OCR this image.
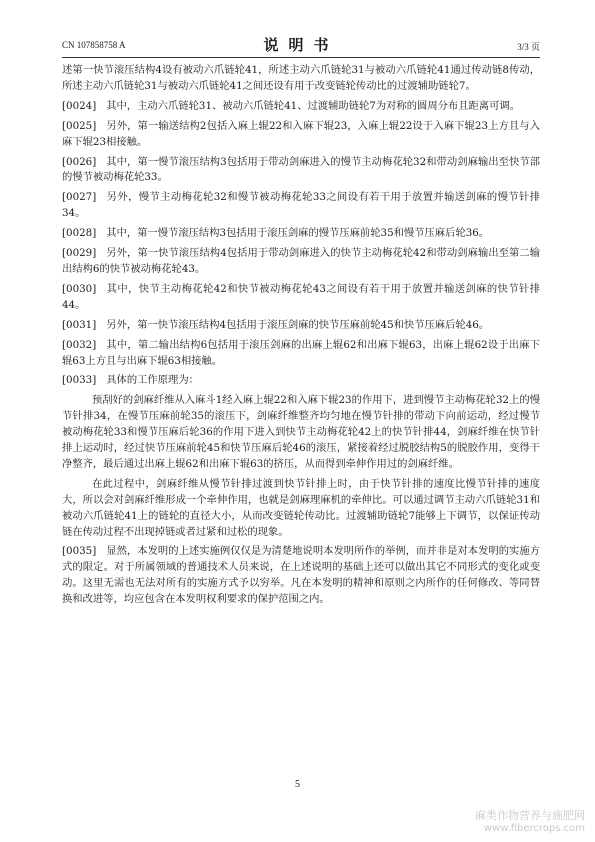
CN 107858758 A	说明书	3/3 页

述第一快节滚压结构4设有被动六爪链轮41，所述主动六爪链轮31与被动六爪链轮41通过传动链8传动，所述主动六爪链轮31与被动六爪链轮41之间还设有用于改变链轮传动比的过渡辅助链轮7。

[0024] 其中，主动六爪链轮31、被动六爪链轮41、过渡辅助链轮7为对称的圆周分布且距离可调。

[0025] 另外，第一输送结构2包括入麻上辊22和入麻下辊23，入麻上辊22设于入麻下辊23上方且与入麻下辊23相接触。

[0026] 其中，第一慢节滚压结构3包括用于带动剑麻进入的慢节主动梅花轮32和带动剑麻输出至快节部的慢节被动梅花轮33。

[0027] 另外，慢节主动梅花轮32和慢节被动梅花轮33之间设有若干用于放置并输送剑麻的慢节针排34。

[0028] 其中，第一慢节滚压结构3包括用于滚压剑麻的慢节压麻前轮35和慢节压麻后轮36。

[0029] 另外，第一快节滚压结构4包括用于带动剑麻进入的快节主动梅花轮42和带动剑麻输出至第二输出结构6的快节被动梅花轮43。

[0030] 其中，快节主动梅花轮42和快节被动梅花轮43之间设有若干用于放置并输送剑麻的快节针排44。

[0031] 另外，第一快节滚压结构4包括用于滚压剑麻的快节压麻前轮45和快节压麻后轮46。

[0032] 其中，第二输出结构6包括用于滚压剑麻的出麻上辊62和出麻下辊63，出麻上辊62设于出麻下辊63上方且与出麻下辊63相接触。

[0033] 具体的工作原理为：

预刮好的剑麻纤维从入麻斗1经入麻上辊22和入麻下辊23的作用下，进到慢节主动梅花轮32上的慢节针排34，在慢节压麻前轮35的滚压下，剑麻纤维整齐均匀地在慢节针排的带动下向前运动，经过慢节被动梅花轮33和慢节压麻后轮36的作用下进入到快节主动梅花轮42上的快节针排44，剑麻纤维在快节针排上运动时，经过快节压麻前轮45和快节压麻后轮46的滚压，紧接着经过脱胶结构5的脱胶作用，变得干净整齐，最后通过出麻上辊62和出麻下辊63的挤压，从而得到牵伸作用过的剑麻纤维。

在此过程中，剑麻纤维从慢节针排过渡到快节针排上时，由于快节针排的速度比慢节针排的速度大，所以会对剑麻纤维形成一个牵伸作用，也就是剑麻理麻机的牵伸比。可以通过调节主动六爪链轮31和被动六爪链轮41上的链轮的直径大小，从而改变链轮传动比。过渡辅助链轮7能够上下调节，以保证传动链在传动过程不出现掉链或者过紧和过松的现象。

[0035] 显然，本发明的上述实施例仅仅是为清楚地说明本发明所作的举例，而并非是对本发明的实施方式的限定。对于所属领域的普通技术人员来说，在上述说明的基础上还可以做出其它不同形式的变化或变动。这里无需也无法对所有的实施方式予以穷举。凡在本发明的精神和原则之内所作的任何修改、等同替换和改进等，均应包含在本发明权利要求的保护范围之内。

5
麻类作物营养与施肥网
www.fibercrops.com
